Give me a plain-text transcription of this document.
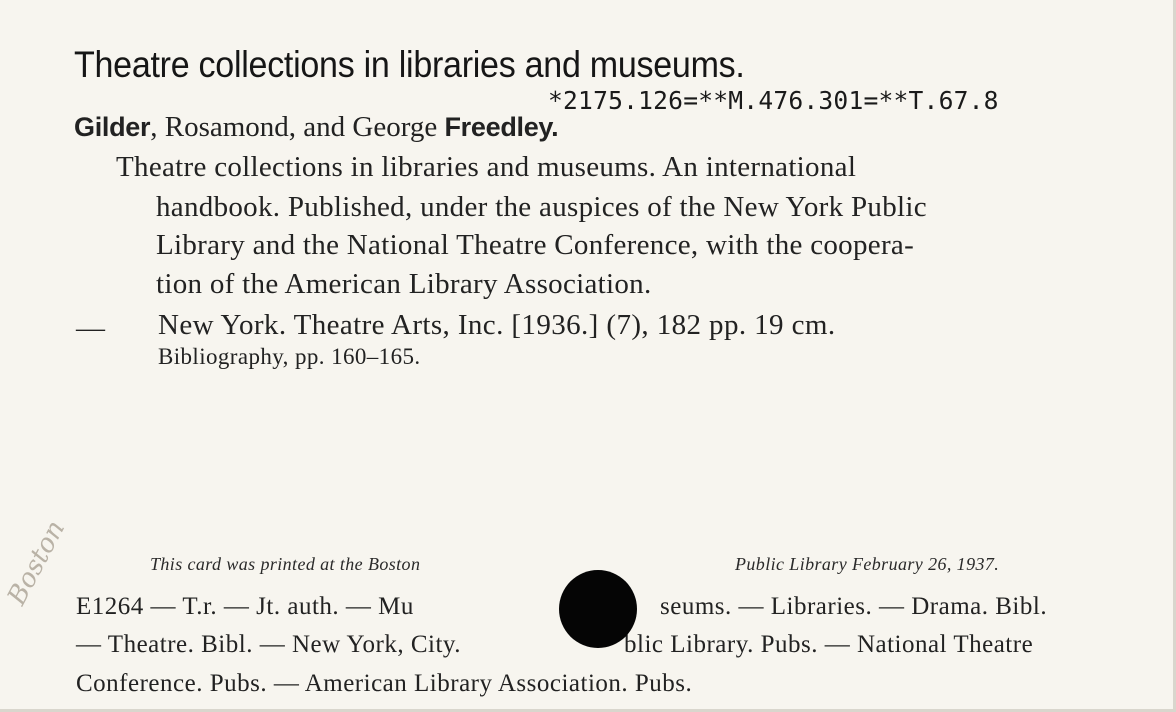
Theatre collections in libraries and museums.
*2175.126=**M.476.301=**T.67.8
Gilder, Rosamond, and George Freedley.
Theatre collections in libraries and museums. An international
handbook. Published, under the auspices of the New York Public
Library and the National Theatre Conference, with the coopera-
tion of the American Library Association.
— New York. Theatre Arts, Inc. [1936.] (7), 182 pp. 19 cm.
Bibliography, pp. 160–165.
This card was printed at the Boston	Public Library February 26, 1937.
E1264 — T.r. — Jt. auth. — Mu	seums. — Libraries. — Drama. Bibl.
— Theatre. Bibl. — New York, City.	blic Library. Pubs. — National Theatre
Conference. Pubs. — American Library Association. Pubs.
Boston
